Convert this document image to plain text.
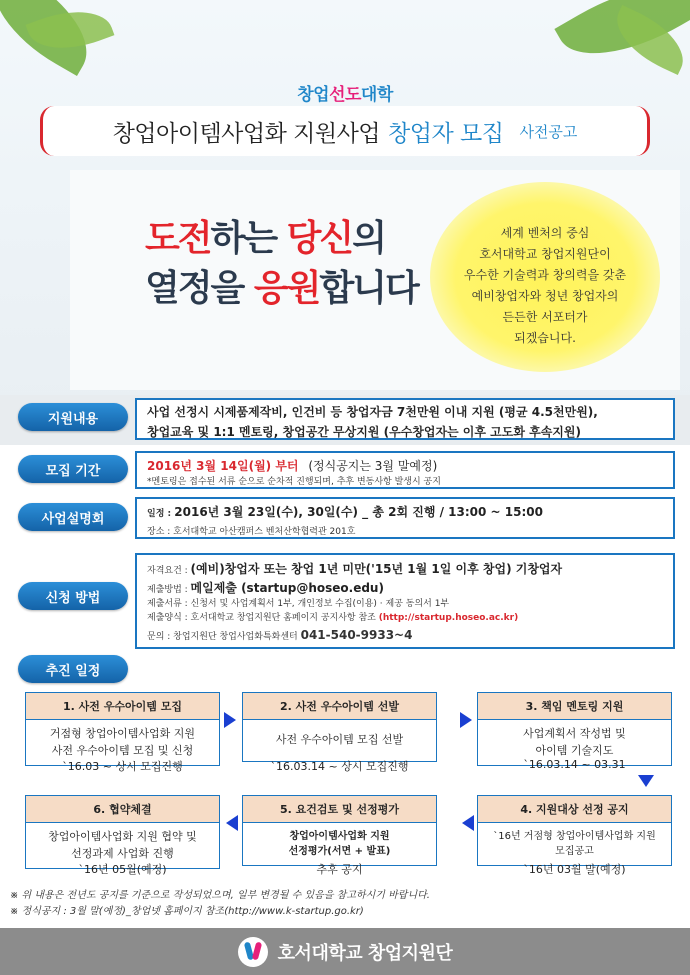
창업선도대학
창업아이템사업화 지원사업 창업자 모집 사전공고
도전하는 당신의
열정을 응원합니다
세계 벤처의 중심
호서대학교 창업지원단이
우수한 기술력과 창의력을 갖춘
예비창업자와 청년 창업자의
든든한 서포터가
되겠습니다.
지원내용	사업 선정시 시제품제작비, 인건비 등 창업자금 7천만원 이내 지원 (평균 4.5천만원),
창업교육 및 1:1 멘토링, 창업공간 무상지원 (우수창업자는 이후 고도화 후속지원)
모집 기간	2016년 3월 14일(월) 부터 (정식공지는 3월 말예정)
*멘토링은 접수된 서류 순으로 순차적 진행되며, 추후 변동사항 발생시 공지
사업설명회	일정 : 2016년 3월 23일(수), 30일(수) _ 총 2회 진행 / 13:00 ~ 15:00
장소 : 호서대학교 아산캠퍼스 벤처산학협력관 201호
신청 방법
자격요건 : (예비)창업자 또는 창업 1년 미만('15년 1월 1일 이후 창업) 기창업자
제출방법 : 메일제출 (startup@hoseo.edu)
제출서류 : 신청서 및 사업계획서 1부, 개인정보 수집(이용) · 제공 동의서 1부
제출양식 : 호서대학교 창업지원단 홈페이지 공지사항 참조 (http://startup.hoseo.ac.kr)
문의 : 창업지원단 창업사업화특화센터 041-540-9933~4
추진 일정
1. 사전 우수아이템 모집
거점형 창업아이템사업화 지원
사전 우수아이템 모집 및 신청
`16.03 ~ 상시 모집진행
2. 사전 우수아이템 선발
사전 우수아이템 모집 선발
`16.03.14 ~ 상시 모집진행
3. 책임 멘토링 지원
사업계획서 작성법 및
아이템 기술지도
`16.03.14 ~ 03.31
6. 협약체결
창업아이템사업화 지원 협약 및
선정과제 사업화 진행
`16년 05월(예정)
5. 요건검토 및 선정평가
창업아이템사업화 지원
선정평가(서면 + 발표)
추후 공지
4. 지원대상 선정 공지
`16년 거점형 창업아이템사업화 지원
모집공고
`16년 03월 말(예정)
※ 위 내용은 전년도 공지를 기준으로 작성되었으며, 일부 변경될 수 있음을 참고하시기 바랍니다.
※ 정식공지 : 3월 말(예정)_창업넷 홈페이지 참조(http://www.k-startup.go.kr)
호서대학교 창업지원단
